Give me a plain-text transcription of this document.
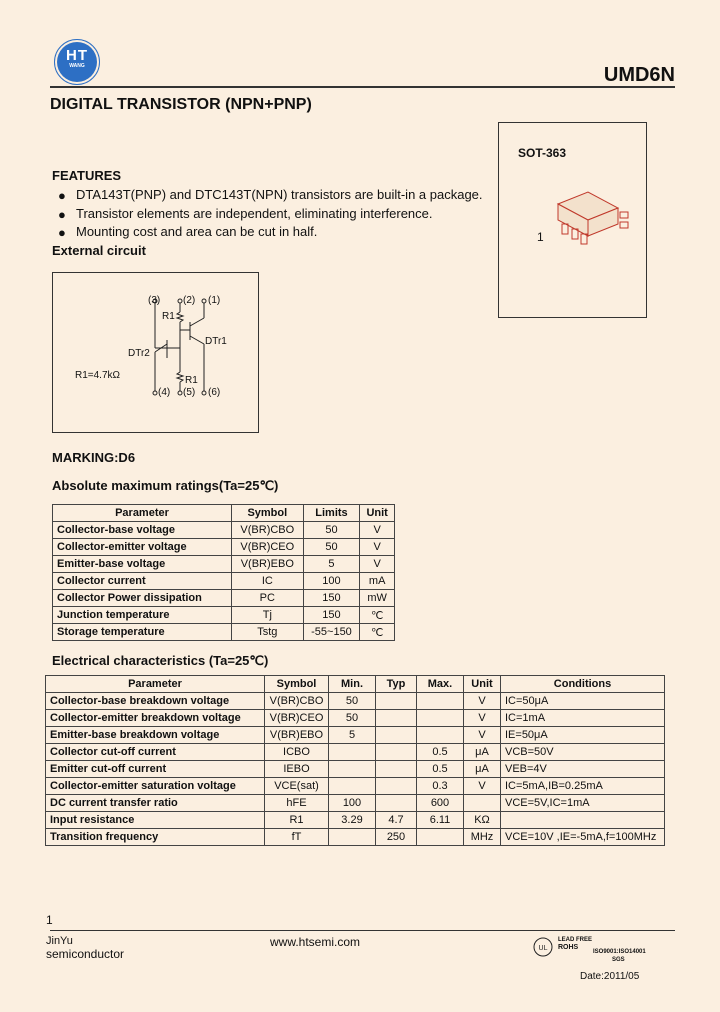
HT
WANG	UMD6N
DIGITAL TRANSISTOR (NPN+PNP)
SOT-363
1
FEATURES
● DTA143T(PNP) and DTC143T(NPN) transistors are built-in a package.
● Transistor elements are independent, eliminating interference.
● Mounting cost and area can be cut in half.
External circuit
(3) (2) (1)
R1
DTr1
DTr2
R1=4.7kΩ	R1
(4) (5) (6)
MARKING:D6
Absolute maximum ratings(Ta=25℃)
Parameter	Symbol	Limits	Unit
Collector-base voltage	V(BR)CBO	50	V
Collector-emitter voltage	V(BR)CEO	50	V
Emitter-base voltage	V(BR)EBO	5	V
Collector current	IC	100	mA
Collector Power dissipation	PC	150	mW
Junction temperature	Tj	150	℃
Storage temperature	Tstg	-55~150	℃
Electrical characteristics (Ta=25℃)
Parameter	Symbol	Min.	Typ	Max.	Unit	Conditions
Collector-base breakdown voltage	V(BR)CBO	50			V	IC=50μA
Collector-emitter breakdown voltage	V(BR)CEO	50			V	IC=1mA
Emitter-base breakdown voltage	V(BR)EBO	5			V	IE=50μA
Collector cut-off current	ICBO			0.5	μA	VCB=50V
Emitter cut-off current	IEBO			0.5	μA	VEB=4V
Collector-emitter saturation voltage	VCE(sat)			0.3	V	IC=5mA,IB=0.25mA
DC current transfer ratio	hFE	100		600		VCE=5V,IC=1mA
Input resistance	R1	3.29	4.7	6.11	KΩ	
Transition frequency	fT		250		MHz	VCE=10V ,IE=-5mA,f=100MHz
1
JinYu
semiconductor
www.htsemi.com	UL
LEAD FREE
ROHS
ISO9001:ISO14001
SGS
Date:2011/05
